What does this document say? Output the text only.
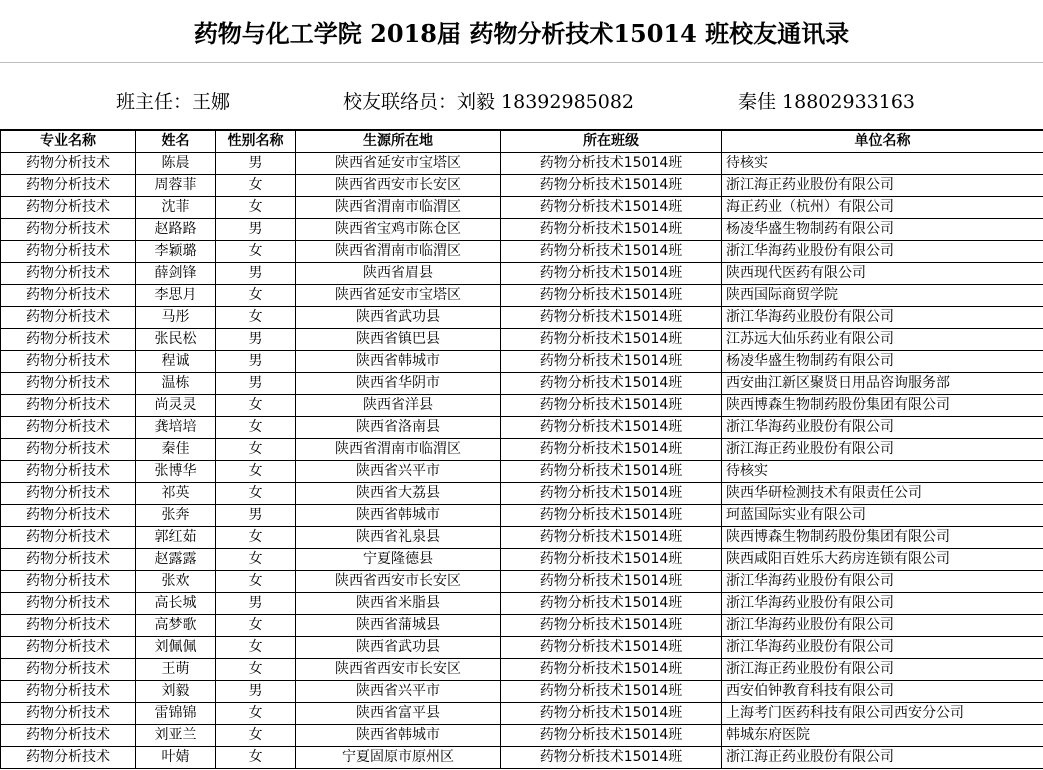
药物与化工学院 2018届 药物分析技术15014 班校友通讯录
班主任：王娜	校友联络员：刘毅 18392985082	秦佳 18802933163
专业名称	姓名	性别名称	生源所在地	所在班级	单位名称
药物分析技术	陈晨	男	陕西省延安市宝塔区	药物分析技术15014班	待核实
药物分析技术	周蓉菲	女	陕西省西安市长安区	药物分析技术15014班	浙江海正药业股份有限公司
药物分析技术	沈菲	女	陕西省渭南市临渭区	药物分析技术15014班	海正药业（杭州）有限公司
药物分析技术	赵路路	男	陕西省宝鸡市陈仓区	药物分析技术15014班	杨凌华盛生物制药有限公司
药物分析技术	李颖璐	女	陕西省渭南市临渭区	药物分析技术15014班	浙江华海药业股份有限公司
药物分析技术	薛剑锋	男	陕西省眉县	药物分析技术15014班	陕西现代医药有限公司
药物分析技术	李思月	女	陕西省延安市宝塔区	药物分析技术15014班	陕西国际商贸学院
药物分析技术	马彤	女	陕西省武功县	药物分析技术15014班	浙江华海药业股份有限公司
药物分析技术	张民松	男	陕西省镇巴县	药物分析技术15014班	江苏远大仙乐药业有限公司
药物分析技术	程诚	男	陕西省韩城市	药物分析技术15014班	杨凌华盛生物制药有限公司
药物分析技术	温栋	男	陕西省华阴市	药物分析技术15014班	西安曲江新区聚贤日用品咨询服务部
药物分析技术	尚灵灵	女	陕西省洋县	药物分析技术15014班	陕西博森生物制药股份集团有限公司
药物分析技术	龚培培	女	陕西省洛南县	药物分析技术15014班	浙江华海药业股份有限公司
药物分析技术	秦佳	女	陕西省渭南市临渭区	药物分析技术15014班	浙江海正药业股份有限公司
药物分析技术	张博华	女	陕西省兴平市	药物分析技术15014班	待核实
药物分析技术	祁英	女	陕西省大荔县	药物分析技术15014班	陕西华研检测技术有限责任公司
药物分析技术	张奔	男	陕西省韩城市	药物分析技术15014班	珂蓝国际实业有限公司
药物分析技术	郭红茹	女	陕西省礼泉县	药物分析技术15014班	陕西博森生物制药股份集团有限公司
药物分析技术	赵露露	女	宁夏隆德县	药物分析技术15014班	陕西咸阳百姓乐大药房连锁有限公司
药物分析技术	张欢	女	陕西省西安市长安区	药物分析技术15014班	浙江华海药业股份有限公司
药物分析技术	高长城	男	陕西省米脂县	药物分析技术15014班	浙江华海药业股份有限公司
药物分析技术	高梦歌	女	陕西省蒲城县	药物分析技术15014班	浙江华海药业股份有限公司
药物分析技术	刘佩佩	女	陕西省武功县	药物分析技术15014班	浙江华海药业股份有限公司
药物分析技术	王萌	女	陕西省西安市长安区	药物分析技术15014班	浙江海正药业股份有限公司
药物分析技术	刘毅	男	陕西省兴平市	药物分析技术15014班	西安伯钟教育科技有限公司
药物分析技术	雷锦锦	女	陕西省富平县	药物分析技术15014班	上海考门医药科技有限公司西安分公司
药物分析技术	刘亚兰	女	陕西省韩城市	药物分析技术15014班	韩城东府医院
药物分析技术	叶婧	女	宁夏固原市原州区	药物分析技术15014班	浙江海正药业股份有限公司
